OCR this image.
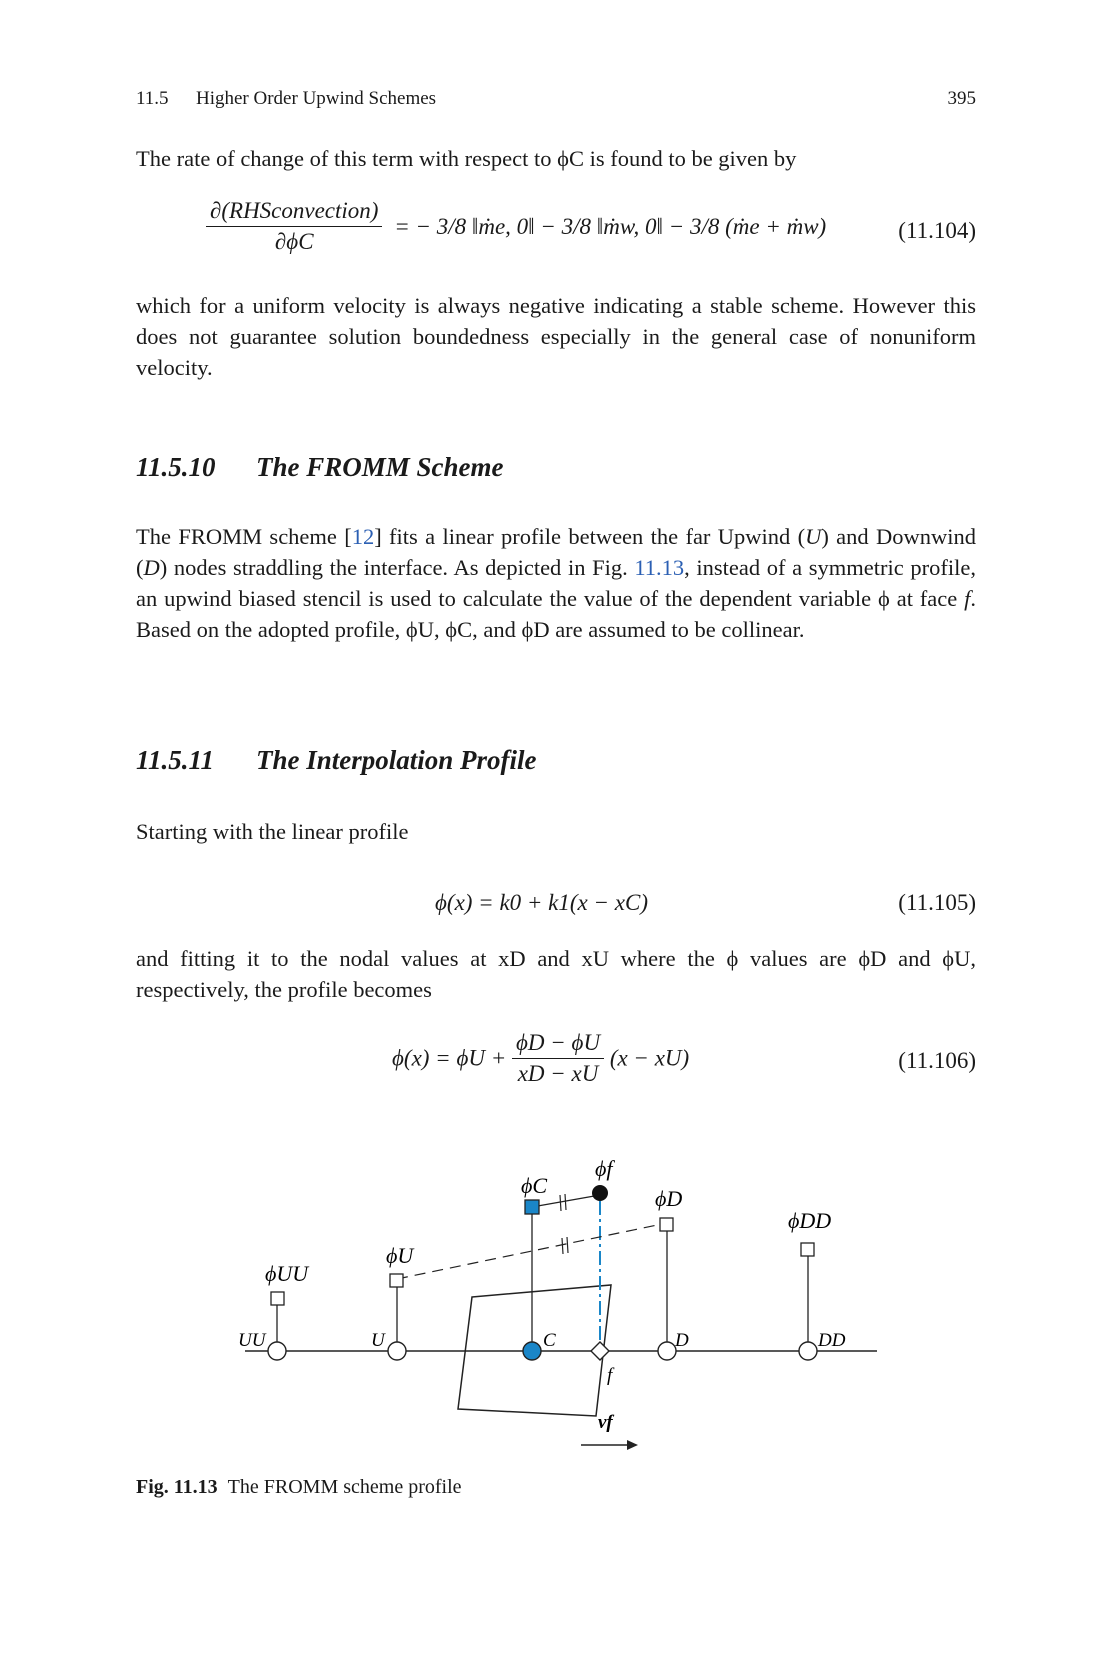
11.5 Higher Order Upwind Schemes	395
The rate of change of this term with respect to ϕC is found to be given by
$\frac{\text{∂(RHSconvection)}}{\partial\phi C}$ = − 3/8 ‖ṁe, 0‖ − 3/8 ‖ṁw, 0‖ − 3/8 (ṁe + ṁw)	(11.104)
which for a uniform velocity is always negative indicating a stable scheme. However this does not guarantee solution boundedness especially in the general case of nonuniform velocity.
11.5.10 The FROMM Scheme
The FROMM scheme [12] fits a linear profile between the far Upwind (U) and Downwind (D) nodes straddling the interface. As depicted in Fig. 11.13, instead of a symmetric profile, an upwind biased stencil is used to calculate the value of the dependent variable ϕ at face f. Based on the adopted profile, ϕU, ϕC, and ϕD are assumed to be collinear.
11.5.11 The Interpolation Profile
Starting with the linear profile
ϕ(x) = k0 + k1(x − xC)	(11.105)
and fitting it to the nodal values at xD and xU where the ϕ values are ϕD and ϕU, respectively, the profile becomes
$\phi(x) = \phi U + \frac{\phi D - \phi U}{xD - xU} (x - xU)$	(11.106)
UU	U	C	D	DD
f
ϕUU
ϕU
ϕC
ϕf
ϕD
ϕDD
vf
Fig. 11.13 The FROMM scheme profile
